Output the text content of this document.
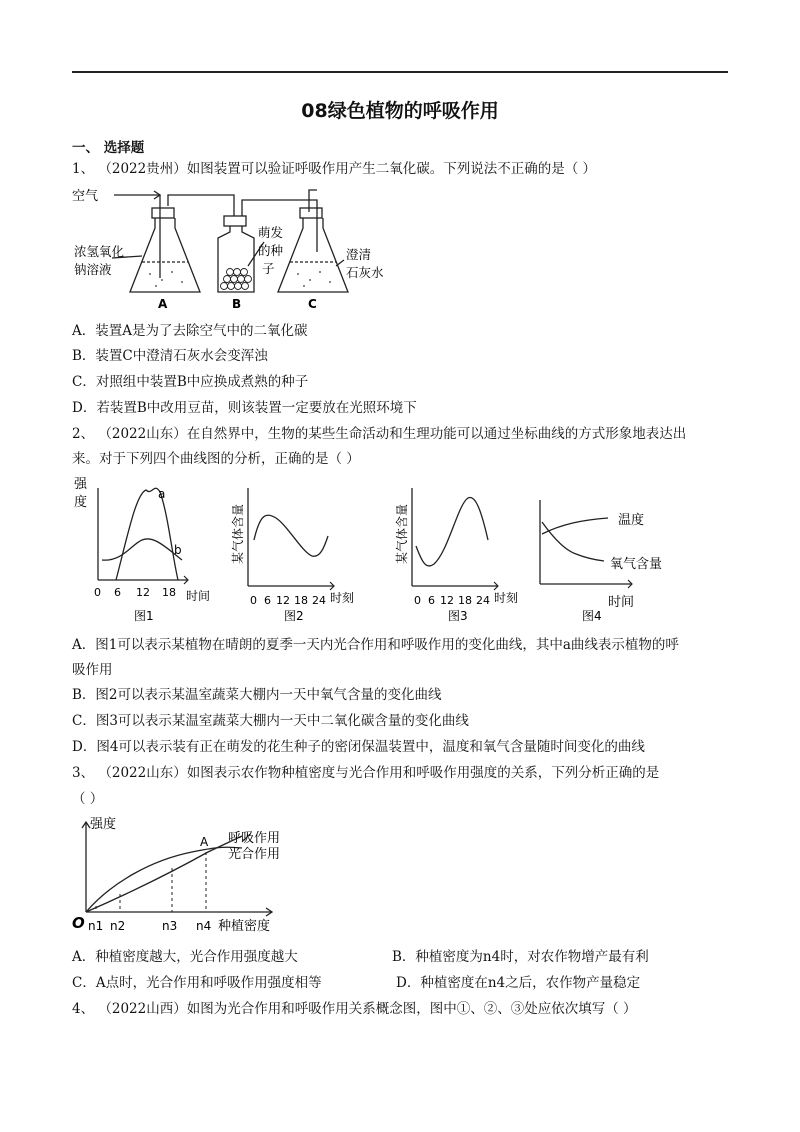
08绿色植物的呼吸作用
一、 选择题
1、 （2022贵州）如图装置可以验证呼吸作用产生二氧化碳。下列说法不正确的是（ ）
空气
浓氢氧化
钠溶液
萌发
的种
子
澄清
石灰水
A	B	C
A．装置A是为了去除空气中的二氧化碳
B．装置C中澄清石灰水会变浑浊
C．对照组中装置B中应换成煮熟的种子
D．若装置B中改用豆苗，则该装置一定要放在光照环境下
2、 （2022山东）在自然界中，生物的某些生命活动和生理功能可以通过坐标曲线的方式形象地表达出
来。对于下列四个曲线图的分析，正确的是（ ）
强
度
a
b
0 6 12 18 时间
图1
某气体含量
0 6 12 18 24 时刻
图2
某气体含量
0 6 12 18 24 时刻
图3
温度
氧气含量
时间
图4
A．图1可以表示某植物在晴朗的夏季一天内光合作用和呼吸作用的变化曲线，其中a曲线表示植物的呼
吸作用
B．图2可以表示某温室蔬菜大棚内一天中氧气含量的变化曲线
C．图3可以表示某温室蔬菜大棚内一天中二氧化碳含量的变化曲线
D．图4可以表示装有正在萌发的花生种子的密闭保温装置中，温度和氧气含量随时间变化的曲线
3、 （2022山东）如图表示农作物种植密度与光合作用和呼吸作用强度的关系，下列分析正确的是
（ ）
强度
O
A 呼吸作用
光合作用
n1 n2	n3 n4 种植密度
A．种植密度越大，光合作用强度越大	B．种植密度为n4时，对农作物增产最有利
C．A点时，光合作用和呼吸作用强度相等	D．种植密度在n4之后，农作物产量稳定
4、 （2022山西）如图为光合作用和呼吸作用关系概念图，图中①、②、③处应依次填写（ ）
